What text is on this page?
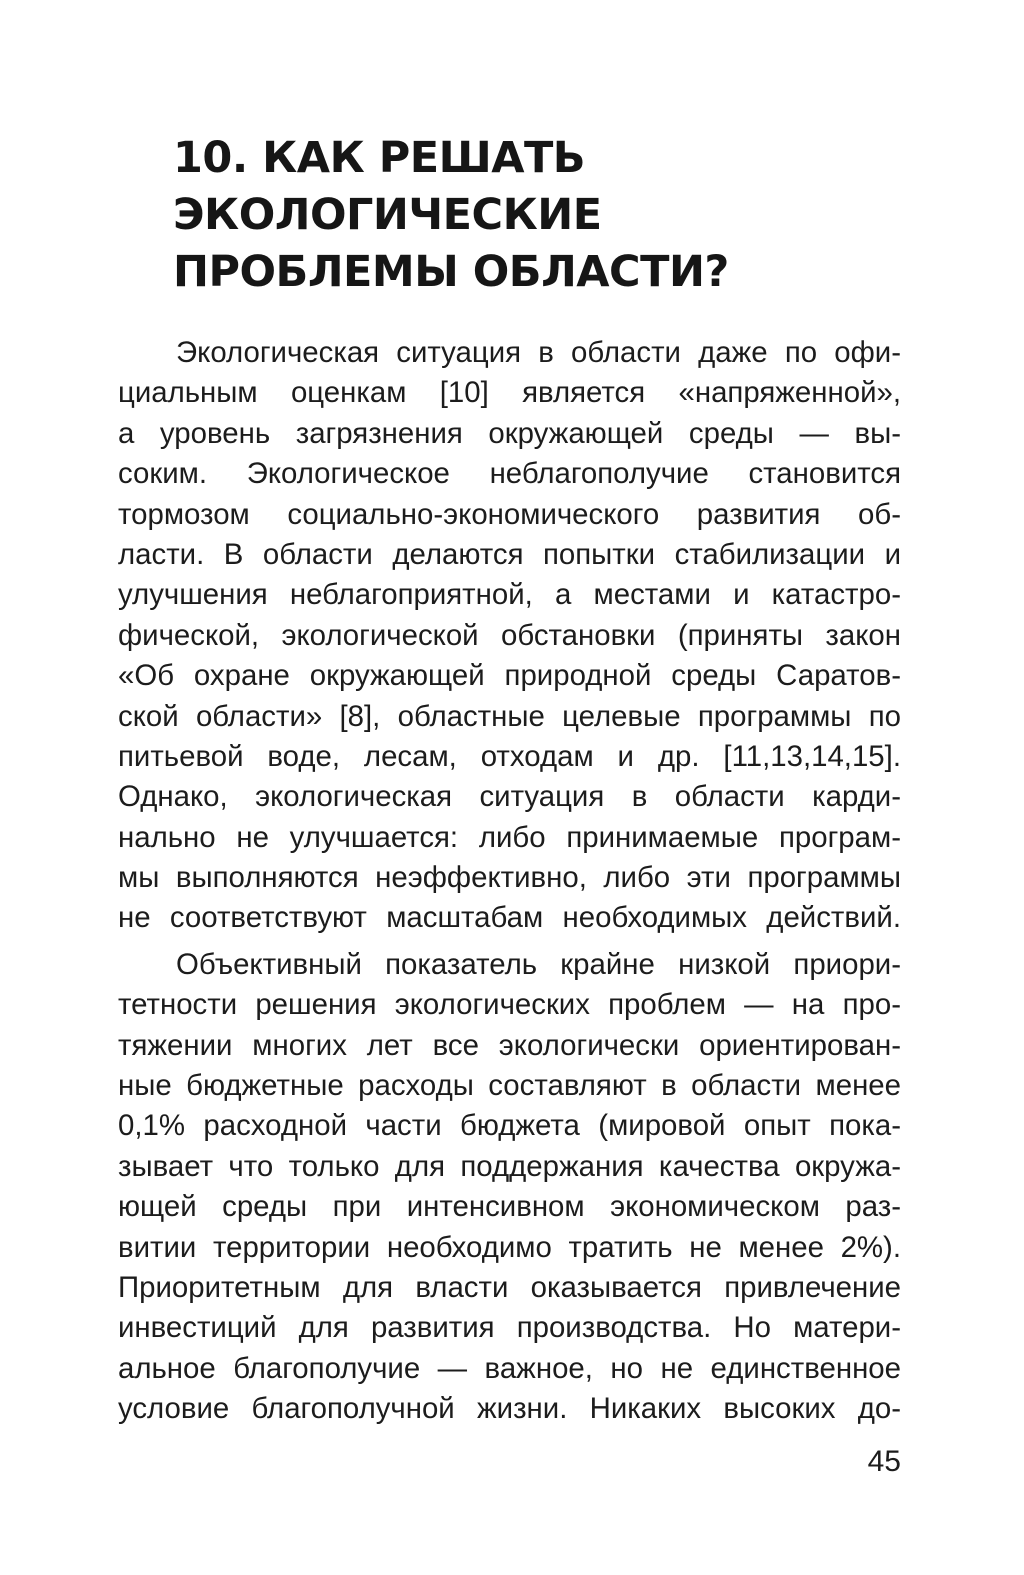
10. КАК РЕШАТЬ
ЭКОЛОГИЧЕСКИЕ
ПРОБЛЕМЫ ОБЛАСТИ?
Экологическая ситуация в области даже по офи-
циальным оценкам [10] является «напряженной»,
а уровень загрязнения окружающей среды — вы-
соким. Экологическое неблагополучие становится
тормозом социально-экономического развития об-
ласти. В области делаются попытки стабилизации и
улучшения неблагоприятной, а местами и катастро-
фической, экологической обстановки (приняты закон
«Об охране окружающей природной среды Саратов-
ской области» [8], областные целевые программы по
питьевой воде, лесам, отходам и др. [11,13,14,15].
Однако, экологическая ситуация в области карди-
нально не улучшается: либо принимаемые програм-
мы выполняются неэффективно, либо эти программы
не соответствуют масштабам необходимых действий.
Объективный показатель крайне низкой приори-
тетности решения экологических проблем — на про-
тяжении многих лет все экологически ориентирован-
ные бюджетные расходы составляют в области менее
0,1% расходной части бюджета (мировой опыт пока-
зывает что только для поддержания качества окружа-
ющей среды при интенсивном экономическом раз-
витии территории необходимо тратить не менее 2%).
Приоритетным для власти оказывается привлечение
инвестиций для развития производства. Но матери-
альное благополучие — важное, но не единственное
условие благополучной жизни. Никаких высоких до-
45
